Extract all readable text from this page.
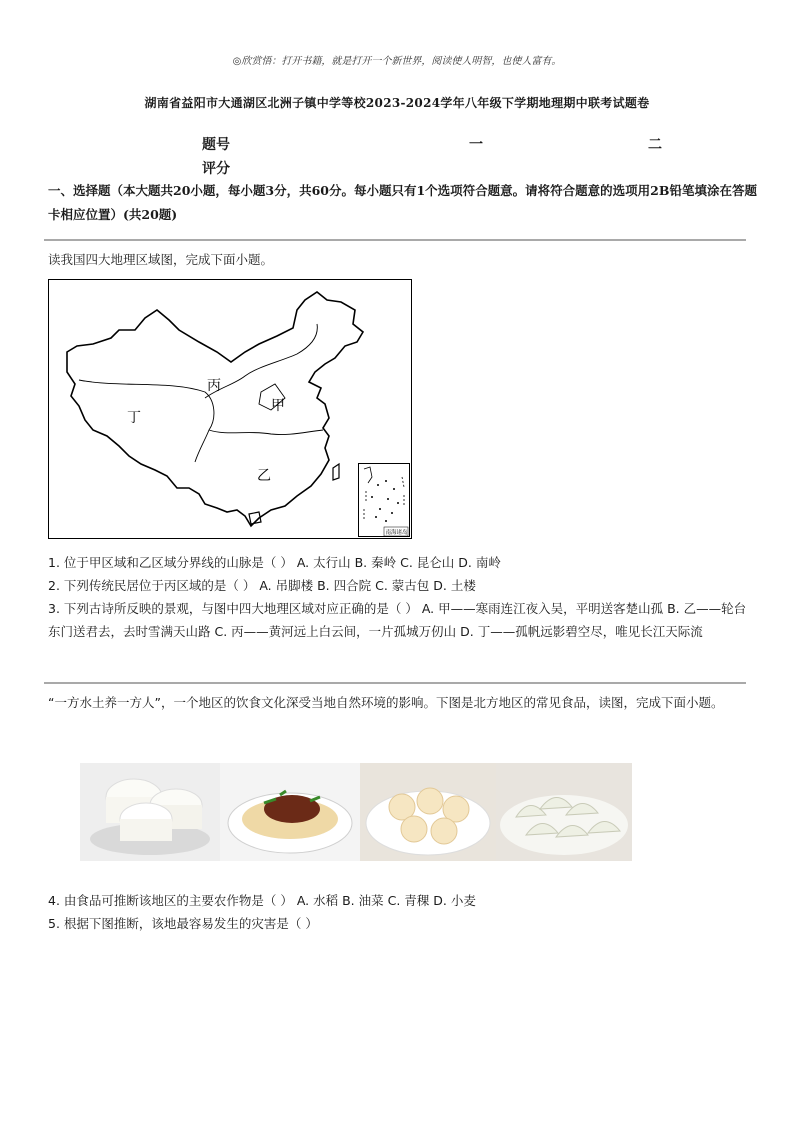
◎欣赏悟：打开书籍，就是打开一个新世界，阅读使人明智，也使人富有。
湖南省益阳市大通湖区北洲子镇中学等校2023-2024学年八年级下学期地理期中联考试题卷
题号
评分
一	二
一、选择题（本大题共20小题，每小题3分，共60分。每小题只有1个选项符合题意。请将符合题意的选项用2B铅笔填涂在答题卡相应位置）(共20题)
读我国四大地理区域图，完成下面小题。
丙
甲
丁
乙
南海诸岛
1. 位于甲区域和乙区域分界线的山脉是（ ） A. 太行山 B. 秦岭 C. 昆仑山 D. 南岭
2. 下列传统民居位于丙区域的是（ ） A. 吊脚楼 B. 四合院 C. 蒙古包 D. 土楼
3. 下列古诗所反映的景观，与图中四大地理区域对应正确的是（ ） A. 甲——寒雨连江夜入吴，平明送客楚山孤 B. 乙——轮台东门送君去，去时雪满天山路 C. 丙——黄河远上白云间，一片孤城万仞山 D. 丁——孤帆远影碧空尽，唯见长江天际流
“一方水土养一方人”，一个地区的饮食文化深受当地自然环境的影响。下图是北方地区的常见食品，读图，完成下面小题。
4. 由食品可推断该地区的主要农作物是（ ） A. 水稻 B. 油菜 C. 青稞 D. 小麦
5. 根据下图推断，该地最容易发生的灾害是（ ）
